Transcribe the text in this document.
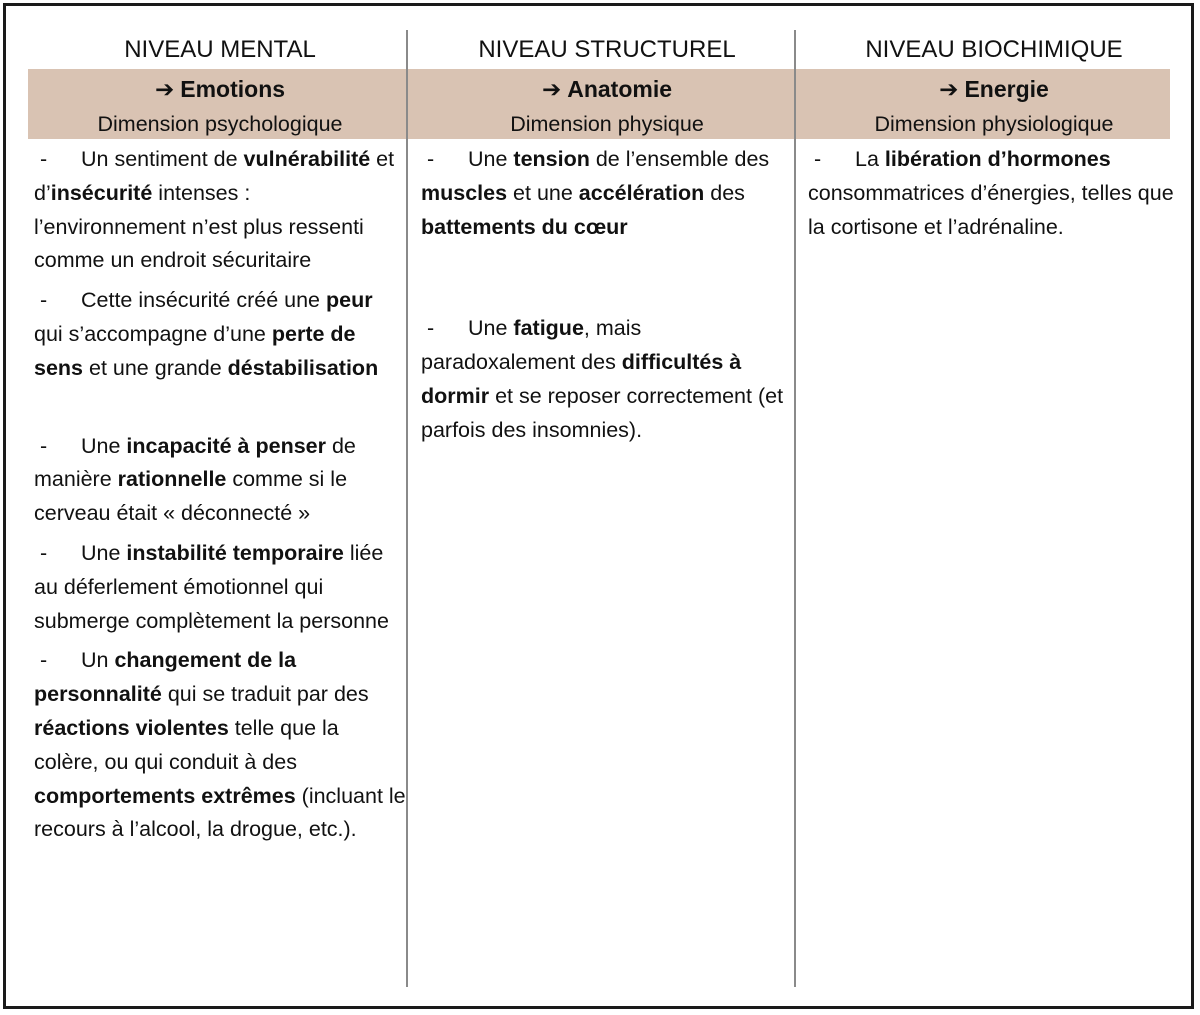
NIVEAU MENTAL
➔ Emotions
Dimension psychologique
- Un sentiment de vulnérabilité et d’insécurité intenses : l’environnement n’est plus ressenti comme un endroit sécuritaire
- Cette insécurité créé une peur qui s’accompagne d’une perte de sens et une grande déstabilisation
- Une incapacité à penser de manière rationnelle comme si le cerveau était « déconnecté »
- Une instabilité temporaire liée au déferlement émotionnel qui submerge complètement la personne
- Un changement de la personnalité qui se traduit par des réactions violentes telle que la colère, ou qui conduit à des comportements extrêmes (incluant le recours à l’alcool, la drogue, etc.).
NIVEAU STRUCTUREL
➔ Anatomie
Dimension physique
- Une tension de l’ensemble des muscles et une accélération des battements du cœur
- Une fatigue, mais paradoxalement des difficultés à dormir et se reposer correctement (et parfois des insomnies).
NIVEAU BIOCHIMIQUE
➔ Energie
Dimension physiologique
- La libération d’hormones consommatrices d’énergies, telles que la cortisone et l’adrénaline.
